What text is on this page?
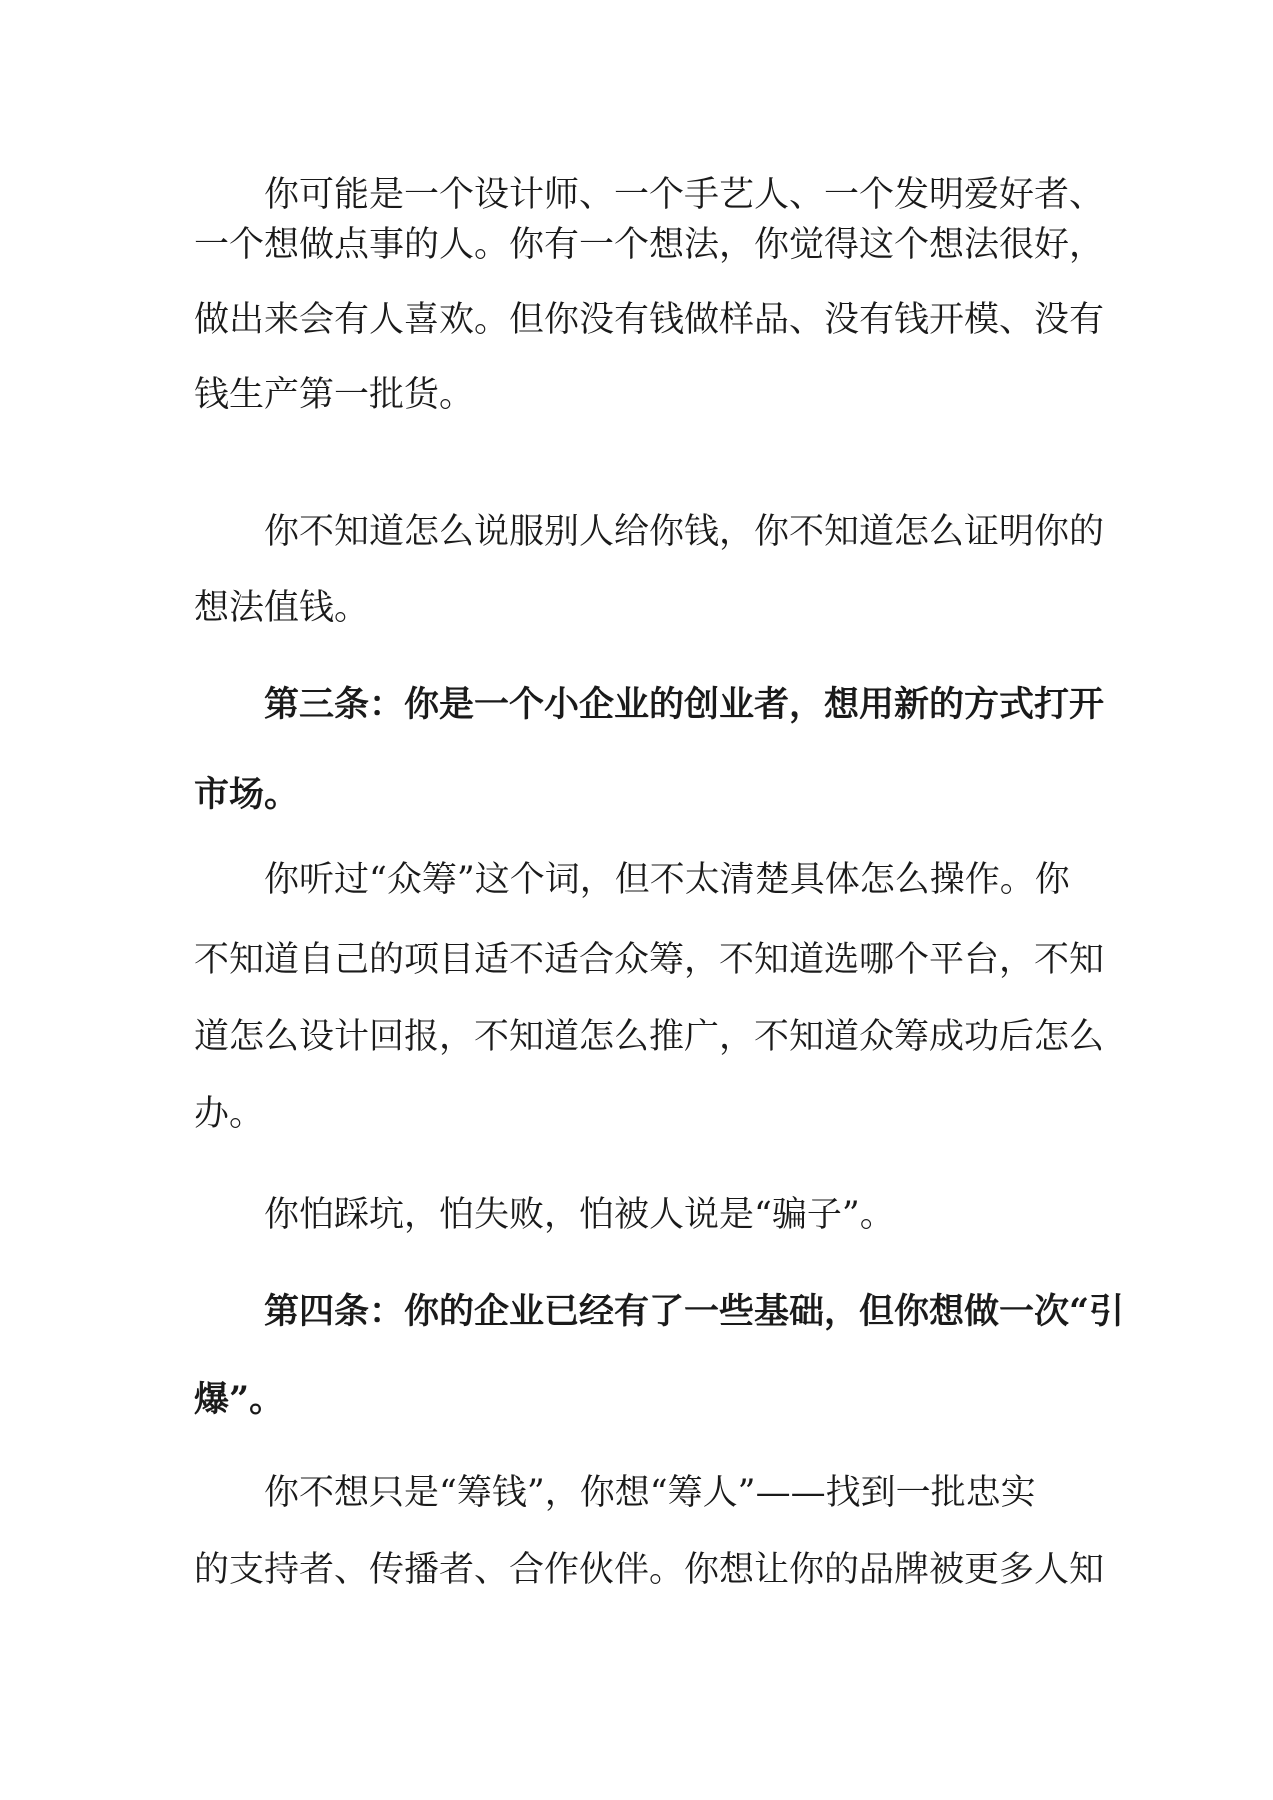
你可能是一个设计师、一个手艺人、一个发明爱好者、
一个想做点事的人。你有一个想法，你觉得这个想法很好，
做出来会有人喜欢。但你没有钱做样品、没有钱开模、没有
钱生产第一批货。
你不知道怎么说服别人给你钱，你不知道怎么证明你的
想法值钱。
第三条：你是一个小企业的创业者，想用新的方式打开
市场。
你听过“众筹”这个词，但不太清楚具体怎么操作。你
不知道自己的项目适不适合众筹，不知道选哪个平台，不知
道怎么设计回报，不知道怎么推广，不知道众筹成功后怎么
办。
你怕踩坑，怕失败，怕被人说是“骗子”。
第四条：你的企业已经有了一些基础，但你想做一次“引
爆”。
你不想只是“筹钱”，你想“筹人”——找到一批忠实
的支持者、传播者、合作伙伴。你想让你的品牌被更多人知
